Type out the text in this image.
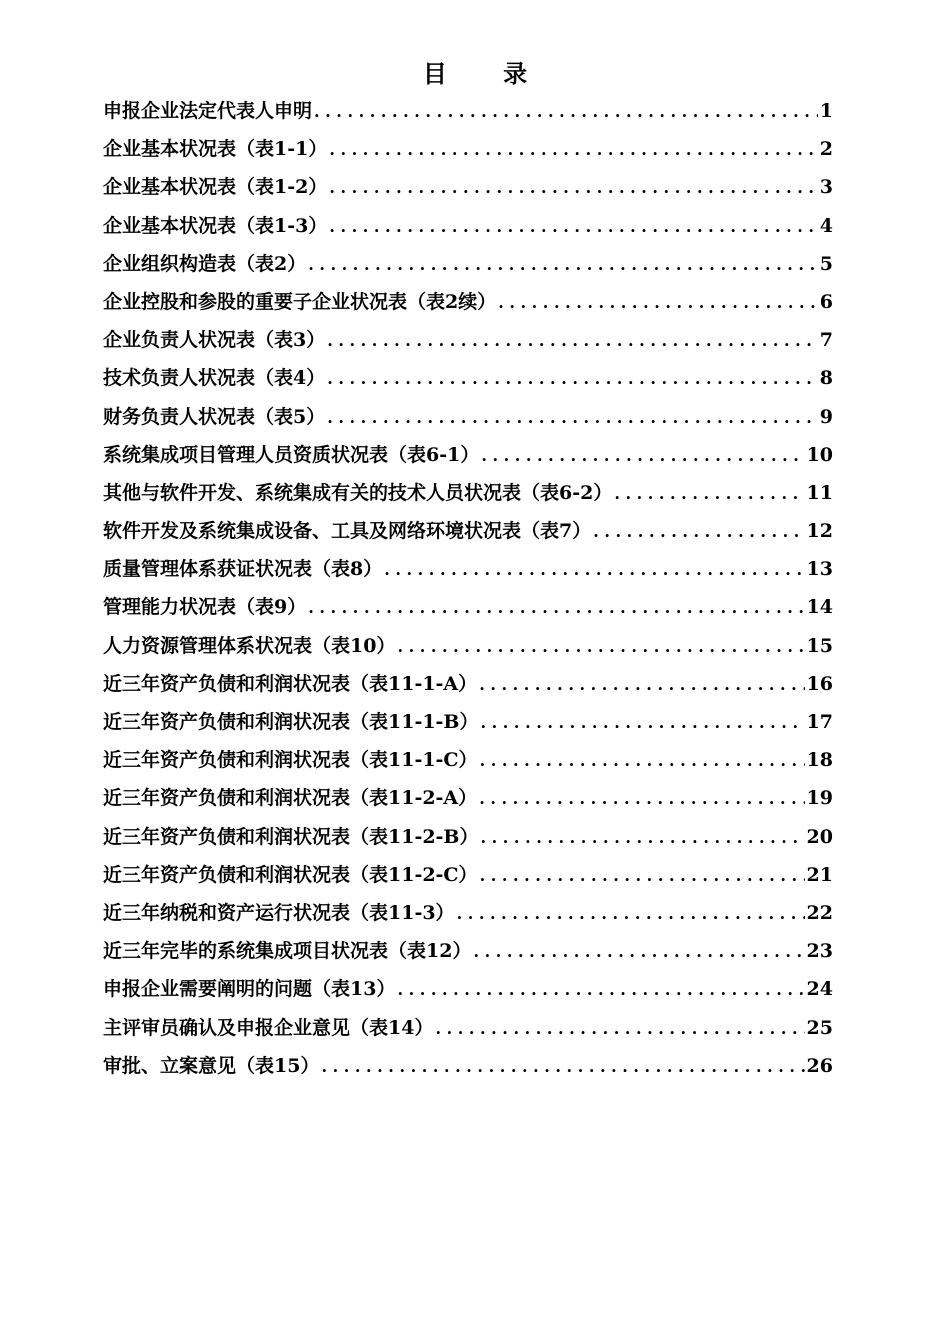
目 录
申报企业法定代表人申明 . . .	1
企业基本状况表（表1-1） . . .	2
企业基本状况表（表1-2） . . .	3
企业基本状况表（表1-3） . . .	4
企业组织构造表（表2） . . .	5
企业控股和参股的重要子企业状况表（表2续） . . .	6
企业负责人状况表（表3） . . .	7
技术负责人状况表（表4） . . .	8
财务负责人状况表（表5） . . .	9
系统集成项目管理人员资质状况表（表6-1） . . .	10
其他与软件开发、系统集成有关的技术人员状况表（表6-2） . . .	11
软件开发及系统集成设备、工具及网络环境状况表（表7） . . .	12
质量管理体系获证状况表（表8） . . .	13
管理能力状况表（表9） . . .	14
人力资源管理体系状况表（表10） . . .	15
近三年资产负债和利润状况表（表11-1-A） . . .	16
近三年资产负债和利润状况表（表11-1-B） . . .	17
近三年资产负债和利润状况表（表11-1-C） . . .	18
近三年资产负债和利润状况表（表11-2-A） . . .	19
近三年资产负债和利润状况表（表11-2-B） . . .	20
近三年资产负债和利润状况表（表11-2-C） . . .	21
近三年纳税和资产运行状况表（表11-3） . . .	22
近三年完毕的系统集成项目状况表（表12） . . .	23
申报企业需要阐明的问题（表13） . . .	24
主评审员确认及申报企业意见（表14） . . .	25
审批、立案意见（表15） . . .	26
